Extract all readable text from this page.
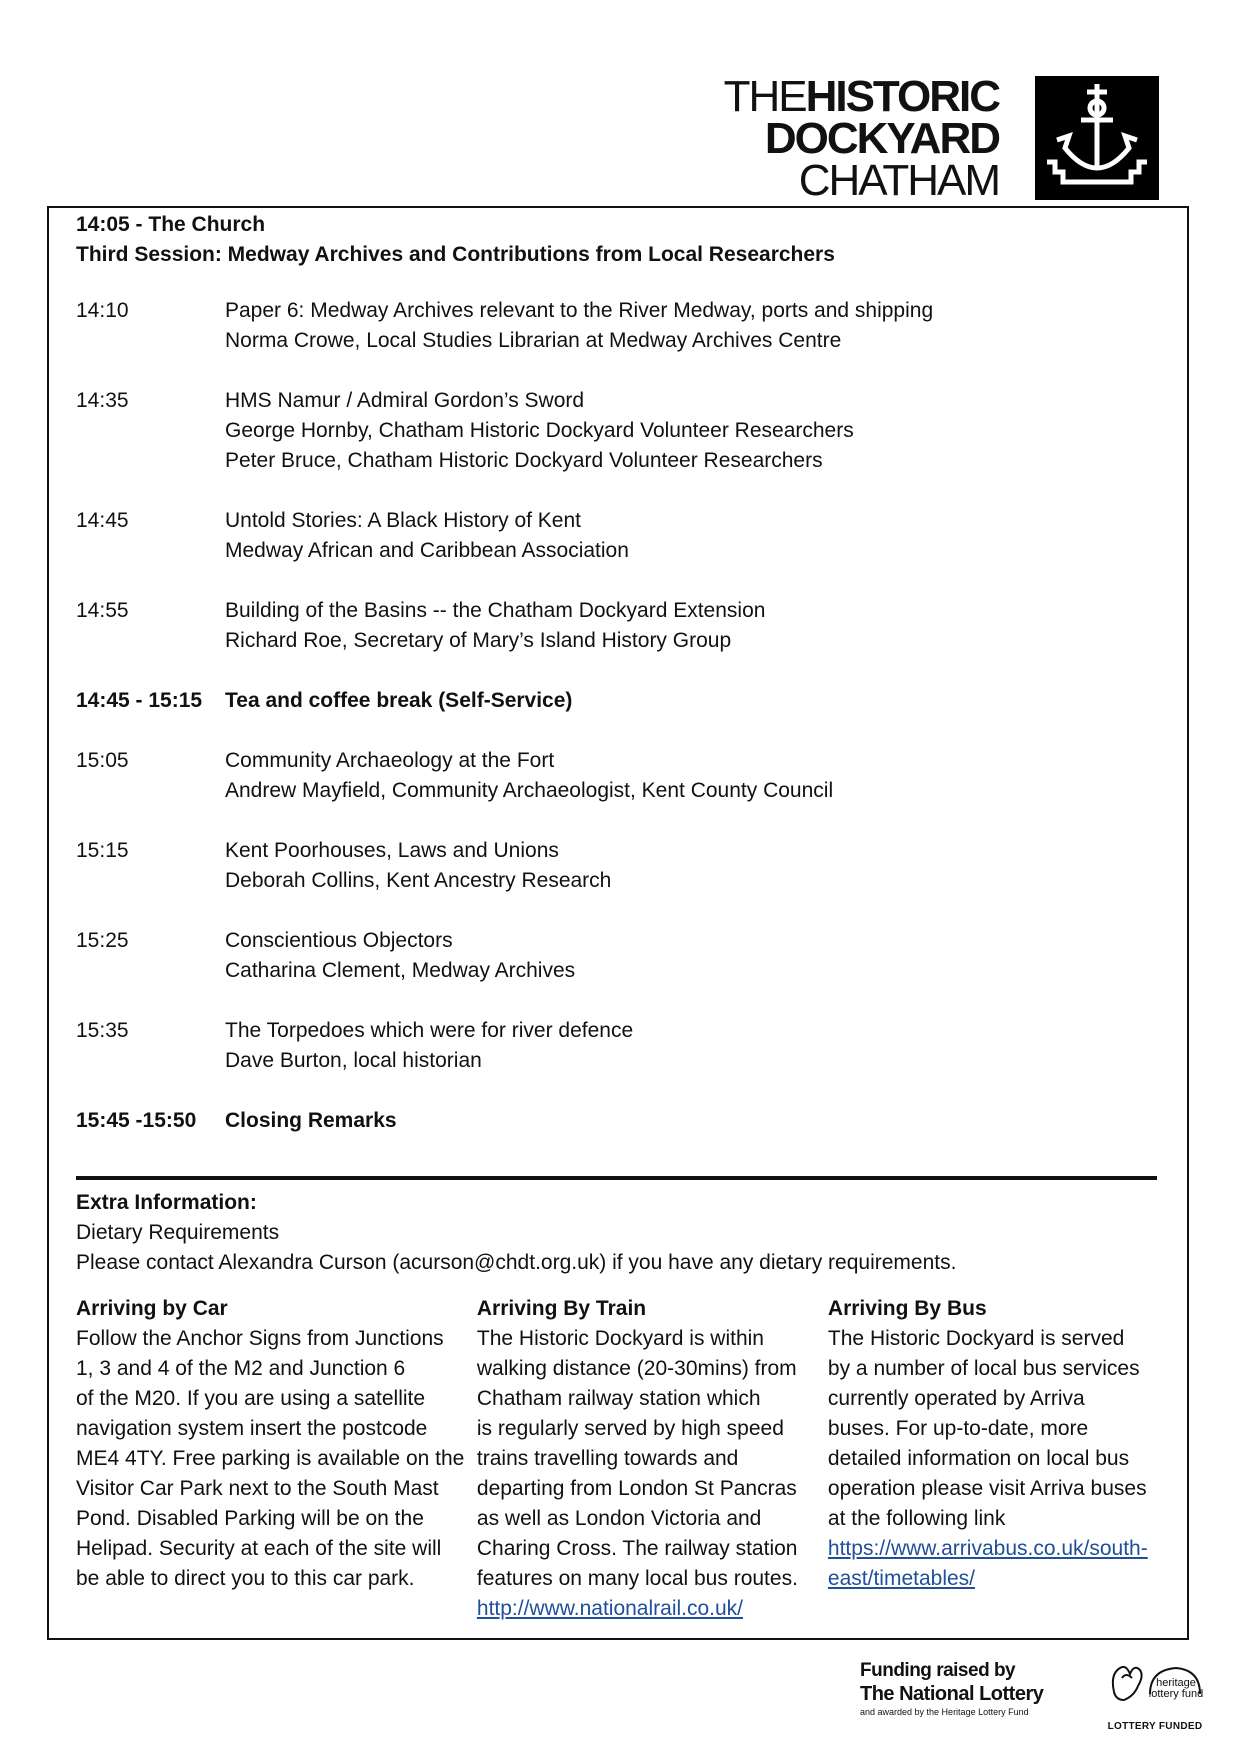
THEHISTORIC
DOCKYARD
CHATHAM
14:05 - The Church
Third Session: Medway Archives and Contributions from Local Researchers
14:10	Paper 6: Medway Archives relevant to the River Medway, ports and shipping
Norma Crowe, Local Studies Librarian at Medway Archives Centre
14:35	HMS Namur / Admiral Gordon’s Sword
George Hornby, Chatham Historic Dockyard Volunteer Researchers
Peter Bruce, Chatham Historic Dockyard Volunteer Researchers
14:45	Untold Stories: A Black History of Kent
Medway African and Caribbean Association
14:55	Building of the Basins -- the Chatham Dockyard Extension
Richard Roe, Secretary of Mary’s Island History Group
14:45 - 15:15	Tea and coffee break (Self-Service)
15:05	Community Archaeology at the Fort
Andrew Mayfield, Community Archaeologist, Kent County Council
15:15	Kent Poorhouses, Laws and Unions
Deborah Collins, Kent Ancestry Research
15:25	Conscientious Objectors
Catharina Clement, Medway Archives
15:35	The Torpedoes which were for river defence
Dave Burton, local historian
15:45 -15:50	Closing Remarks
Extra Information:
Dietary Requirements
Please contact Alexandra Curson (acurson@chdt.org.uk) if you have any dietary requirements.
Arriving by Car

Follow the Anchor Signs from Junctions

1, 3 and 4 of the M2 and Junction 6

of the M20. If you are using a satellite

navigation system insert the postcode

ME4 4TY. Free parking is available on the

Visitor Car Park next to the South Mast

Pond. Disabled Parking will be on the

Helipad. Security at each of the site will

be able to direct you to this car park.

Arriving By Train

The Historic Dockyard is within

walking distance (20-30mins) from

Chatham railway station which

is regularly served by high speed

trains travelling towards and

departing from London St Pancras

as well as London Victoria and

Charing Cross. The railway station

features on many local bus routes.

http://www.nationalrail.co.uk/
Arriving By Bus

The Historic Dockyard is served

by a number of local bus services

currently operated by Arriva

buses. For up-to-date, more

detailed information on local bus

operation please visit Arriva buses

at the following link

https://www.arrivabus.co.uk/south-
east/timetables/
Funding raised by
The National Lottery
and awarded by the Heritage Lottery Fund
heritage
lottery fund
LOTTERY FUNDED
